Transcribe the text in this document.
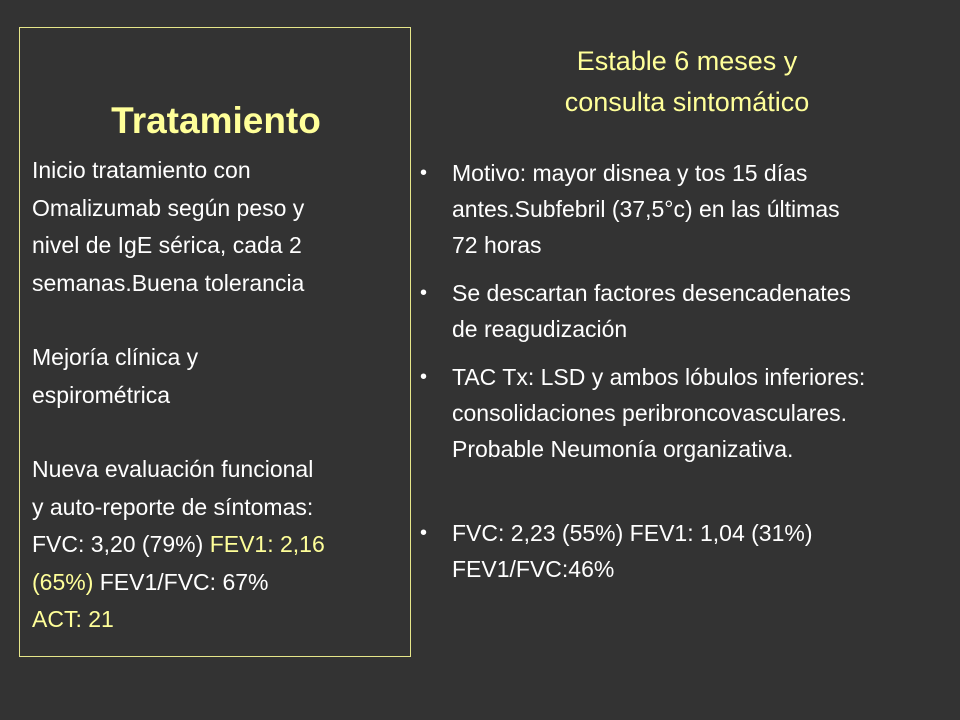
Tratamiento

Inicio tratamiento con

Omalizumab según peso y

nivel de IgE sérica, cada 2

semanas.Buena tolerancia

Mejoría clínica y

espirométrica

Nueva evaluación funcional

y auto-reporte de síntomas:

FVC: 3,20 (79%) FEV1: 2,16

(65%) FEV1/FVC: 67%

ACT: 21

Estable 6 meses y
consulta sintomático
• Motivo: mayor disnea y tos 15 días
antes.Subfebril (37,5°c) en las últimas
72 horas
• Se descartan factores desencadenates
de reagudización
• TAC Tx: LSD y ambos lóbulos inferiores:
consolidaciones peribroncovasculares.
Probable Neumonía organizativa.
• FVC: 2,23 (55%) FEV1: 1,04 (31%)
FEV1/FVC:46%
